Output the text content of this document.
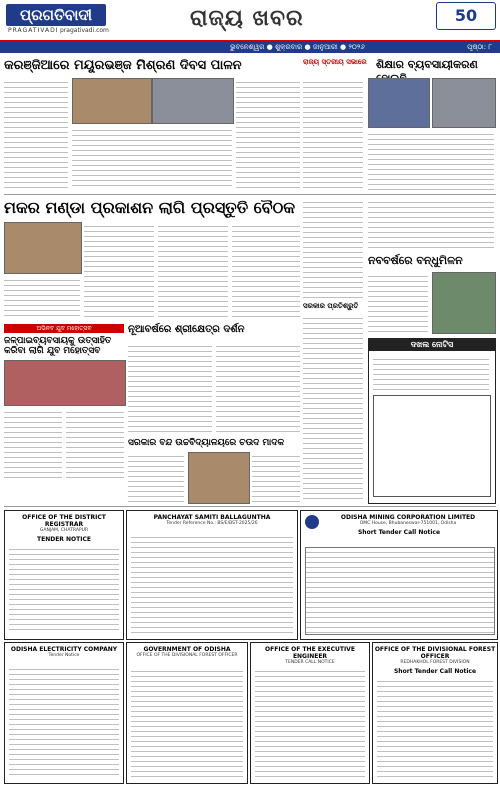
ପ୍ରଗତିବାଦୀ
PRAGATIVADI pragativadi.com	ରାଜ୍ୟ ଖବର	50
ଭୁବନେଶ୍ୱର ● ଶୁକ୍ରବାର ● ଜାନୁଆରୀ ● ୨୦୨୬	ପୃଷ୍ଠା: ୮
କରଞ୍ଜିଆରେ ମୟୂରଭଞ୍ଜ ମିଶ୍ରଣ ଦିବସ ପାଳନ	ରାଜ୍ୟ ସ୍ତରୀୟ ସଭାରେ ଶିକ୍ଷାର ବ୍ୟବସାୟୀକରଣ
ମକର ମଣ୍ଡା ପ୍ରକାଶନ ଲାଗି ପ୍ରସ୍ତୁତି ବୈଠକ
ନବବର୍ଷରେ ବନ୍ଧୁମିଳନ
ଅଭିନବ ଯୁବ ମହୋତ୍ସବ
ଜଳ୍ପାଇବ୍ୟବସାୟକୁ ଉତ୍ସାହିତ କରିବା ଲାଗି ଯୁବ ମହୋତ୍ସବ
ନୂଆବର୍ଷରେ ଶ୍ରୀକ୍ଷେତ୍ର ଦର୍ଶନ
ସରକାର ବନ୍ଦ ଉଚ୍ଚବିଦ୍ୟାଳୟରେ ଚଉଦ ମାଦକ
ସରକାର ପ୍ରତିଶ୍ରୁତି
ଦଖଲ ନୋଟିସ
OFFICE OF THE DISTRICT REGISTRAR
GANJAM, CHATRAPUR
TENDER NOTICE
PANCHAYAT SAMITI BALLAGUNTHA
Tender Reference No.: BS/E/BST-2025/26
ODISHA MINING CORPORATION LIMITED
OMC House, Bhubaneswar-751001, Odisha
Short Tender Call Notice
ODISHA ELECTRICITY COMPANY
Tender Notice
GOVERNMENT OF ODISHA
OFFICE OF THE DIVISIONAL FOREST OFFICER
OFFICE OF THE EXECUTIVE ENGINEER
TENDER CALL NOTICE
OFFICE OF THE DIVISIONAL FOREST OFFICER
REDHAKHOL FOREST DIVISION
Short Tender Call Notice
